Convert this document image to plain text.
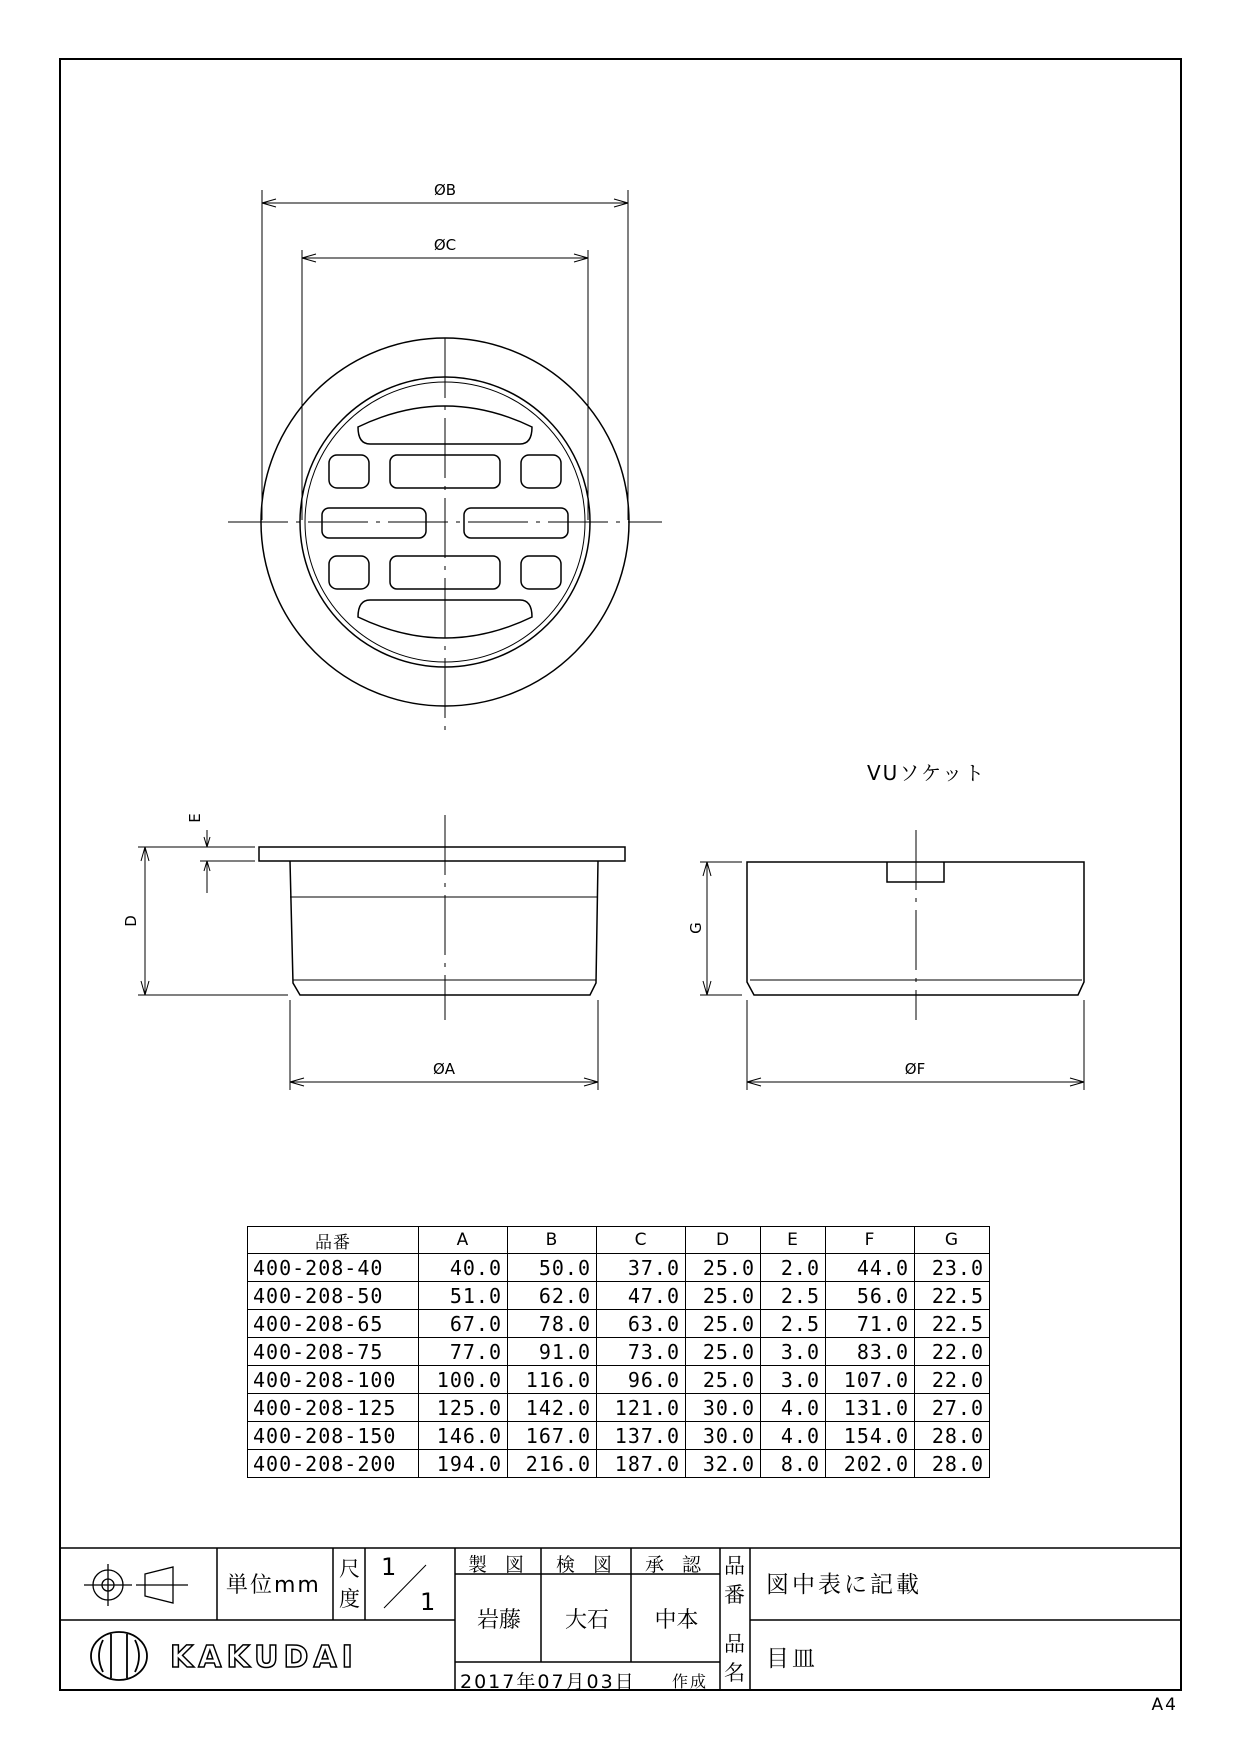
ØB
ØC
E
D
ØA
VUソケット
G
ØF
品番	A	B	C	D	E	F	G
400-208-40	40.0	50.0	37.0	25.0	2.0	44.0	23.0
400-208-50	51.0	62.0	47.0	25.0	2.5	56.0	22.5
400-208-65	67.0	78.0	63.0	25.0	2.5	71.0	22.5
400-208-75	77.0	91.0	73.0	25.0	3.0	83.0	22.0
400-208-100	100.0	116.0	96.0	25.0	3.0	107.0	22.0
400-208-125	125.0	142.0	121.0	30.0	4.0	131.0	27.0
400-208-150	146.0	167.0	137.0	30.0	4.0	154.0	28.0
400-208-200	194.0	216.0	187.0	32.0	8.0	202.0	28.0
単位mm
尺
度
1
1
製 図	検 図	承 認
岩藤	大石	中本
品
番 図中表に記載
品
名
目皿
2017年07月03日 作成
KAKUDAI
A4
